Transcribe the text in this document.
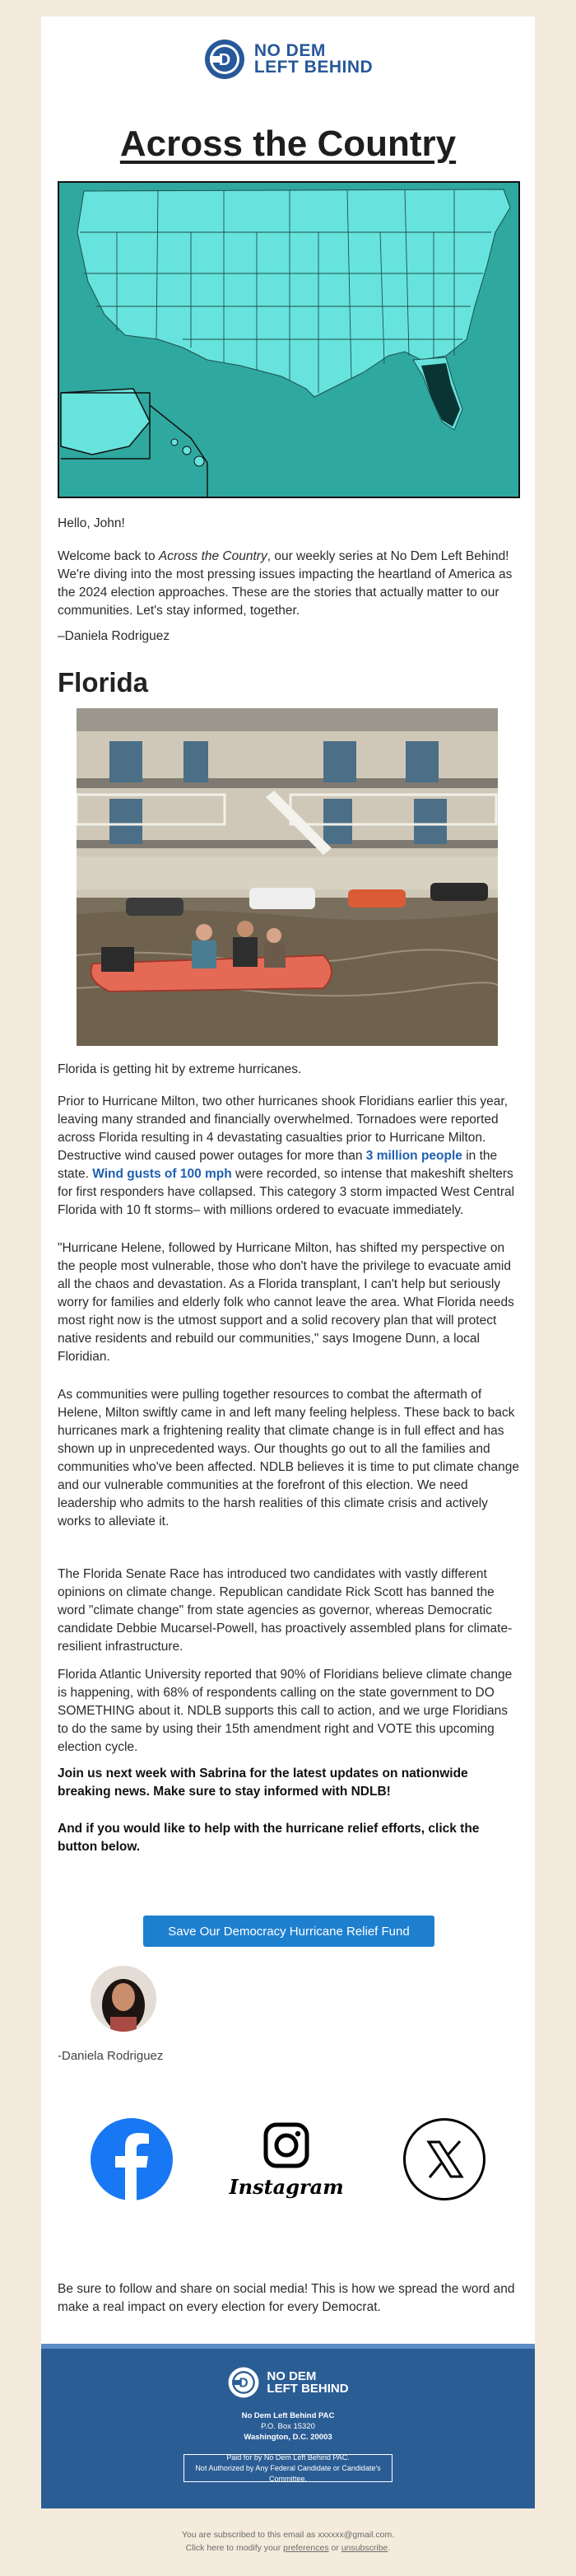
D NO DEM
LEFT BEHIND
Across the Country
Hello, John!
Welcome back to Across the Country, our weekly series at No Dem Left Behind! We're diving into the most pressing issues impacting the heartland of America as the 2024 election approaches. These are the stories that actually matter to our communities. Let's stay informed, together.
–Daniela Rodriguez
Florida
Florida is getting hit by extreme hurricanes.
Prior to Hurricane Milton, two other hurricanes shook Floridians earlier this year, leaving many stranded and financially overwhelmed. Tornadoes were reported across Florida resulting in 4 devastating casualties prior to Hurricane Milton. Destructive wind caused power outages for more than 3 million people in the state. Wind gusts of 100 mph were recorded, so intense that makeshift shelters for first responders have collapsed. This category 3 storm impacted West Central Florida with 10 ft storms– with millions ordered to evacuate immediately.
"Hurricane Helene, followed by Hurricane Milton, has shifted my perspective on the people most vulnerable, those who don't have the privilege to evacuate amid all the chaos and devastation. As a Florida transplant, I can't help but seriously worry for families and elderly folk who cannot leave the area. What Florida needs most right now is the utmost support and a solid recovery plan that will protect native residents and rebuild our communities," says Imogene Dunn, a local Floridian.
As communities were pulling together resources to combat the aftermath of Helene, Milton swiftly came in and left many feeling helpless. These back to back hurricanes mark a frightening reality that climate change is in full effect and has shown up in unprecedented ways. Our thoughts go out to all the families and communities who've been affected. NDLB believes it is time to put climate change and our vulnerable communities at the forefront of this election. We need leadership who admits to the harsh realities of this climate crisis and actively works to alleviate it.
The Florida Senate Race has introduced two candidates with vastly different opinions on climate change. Republican candidate Rick Scott has banned the word "climate change" from state agencies as governor, whereas Democratic candidate Debbie Mucarsel-Powell, has proactively assembled plans for climate-resilient infrastructure.
Florida Atlantic University reported that 90% of Floridians believe climate change is happening, with 68% of respondents calling on the state government to DO SOMETHING about it. NDLB supports this call to action, and we urge Floridians to do the same by using their 15th amendment right and VOTE this upcoming election cycle.
Join us next week with Sabrina for the latest updates on nationwide breaking news. Make sure to stay informed with NDLB!
And if you would like to help with the hurricane relief efforts, click the button below.
Save Our Democracy Hurricane Relief Fund
-Daniela Rodriguez
Instagram
Be sure to follow and share on social media! This is how we spread the word and make a real impact on every election for every Democrat.
D NO DEM
LEFT BEHIND
No Dem Left Behind PAC
P.O. Box 15320
Washington, D.C. 20003
Paid for by No Dem Left Behind PAC.
Not Authorized by Any Federal Candidate or Candidate's Committee.
You are subscribed to this email as xxxxxx@gmail.com.
Click here to modify your preferences or unsubscribe.
